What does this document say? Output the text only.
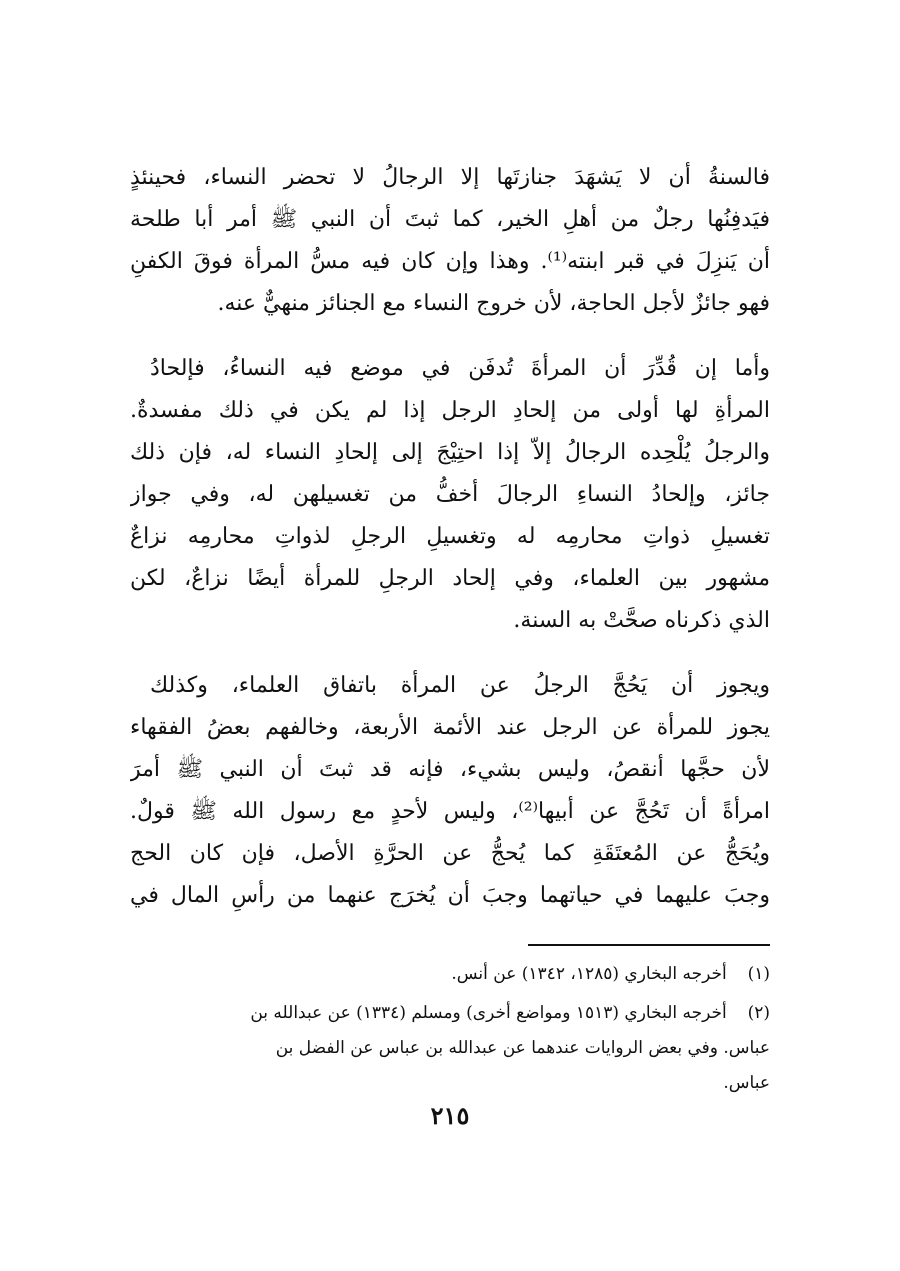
فالسنةُ أن لا يَشهَدَ جنازتَها إلا الرجالُ لا تحضر النساء، فحينئذٍ
فيَدفِنُها رجلٌ من أهلِ الخير، كما ثبتَ أن النبي ﷺ أمر أبا طلحة
أن يَنزِلَ في قبر ابنته⁽¹⁾. وهذا وإن كان فيه مسُّ المرأة فوقَ الكفنِ
فهو جائزٌ لأجل الحاجة، لأن خروج النساء مع الجنائز منهيٌّ عنه.
وأما إن قُدِّرَ أن المرأةَ تُدفَن في موضع فيه النساءُ، فإلحادُ
المرأةِ لها أولى من إلحادِ الرجل إذا لم يكن في ذلك مفسدةٌ.
والرجلُ يُلْحِده الرجالُ إلاّ إذا احتِيْجَ إلى إلحادِ النساء له، فإن ذلك
جائز، وإلحادُ النساءِ الرجالَ أخفُّ من تغسيلهن له، وفي جواز
تغسيلِ ذواتِ محارمِه له وتغسيلِ الرجلِ لذواتِ محارمِه نزاعٌ
مشهور بين العلماء، وفي إلحاد الرجلِ للمرأة أيضًا نزاعٌ، لكن
الذي ذكرناه صحَّتْ به السنة.
ويجوز أن يَحُجَّ الرجلُ عن المرأة باتفاق العلماء، وكذلك
يجوز للمرأة عن الرجل عند الأئمة الأربعة، وخالفهم بعضُ الفقهاء
لأن حجَّها أنقصُ، وليس بشيء، فإنه قد ثبتَ أن النبي ﷺ أمرَ
امرأةً أن تَحُجَّ عن أبيها⁽²⁾، وليس لأحدٍ مع رسول الله ﷺ قولٌ.
ويُحَجُّ عن المُعتَقَةِ كما يُحجُّ عن الحرَّةِ الأصل، فإن كان الحج
وجبَ عليهما في حياتهما وجبَ أن يُخرَج عنهما من رأسِ المال في
(١)  أخرجه البخاري (١٢٨٥، ١٣٤٢) عن أنس.
(٢)  أخرجه البخاري (١٥١٣ ومواضع أخرى) ومسلم (١٣٣٤) عن عبدالله بن
عباس. وفي بعض الروايات عندهما عن عبدالله بن عباس عن الفضل بن
عباس.
٢١٥
